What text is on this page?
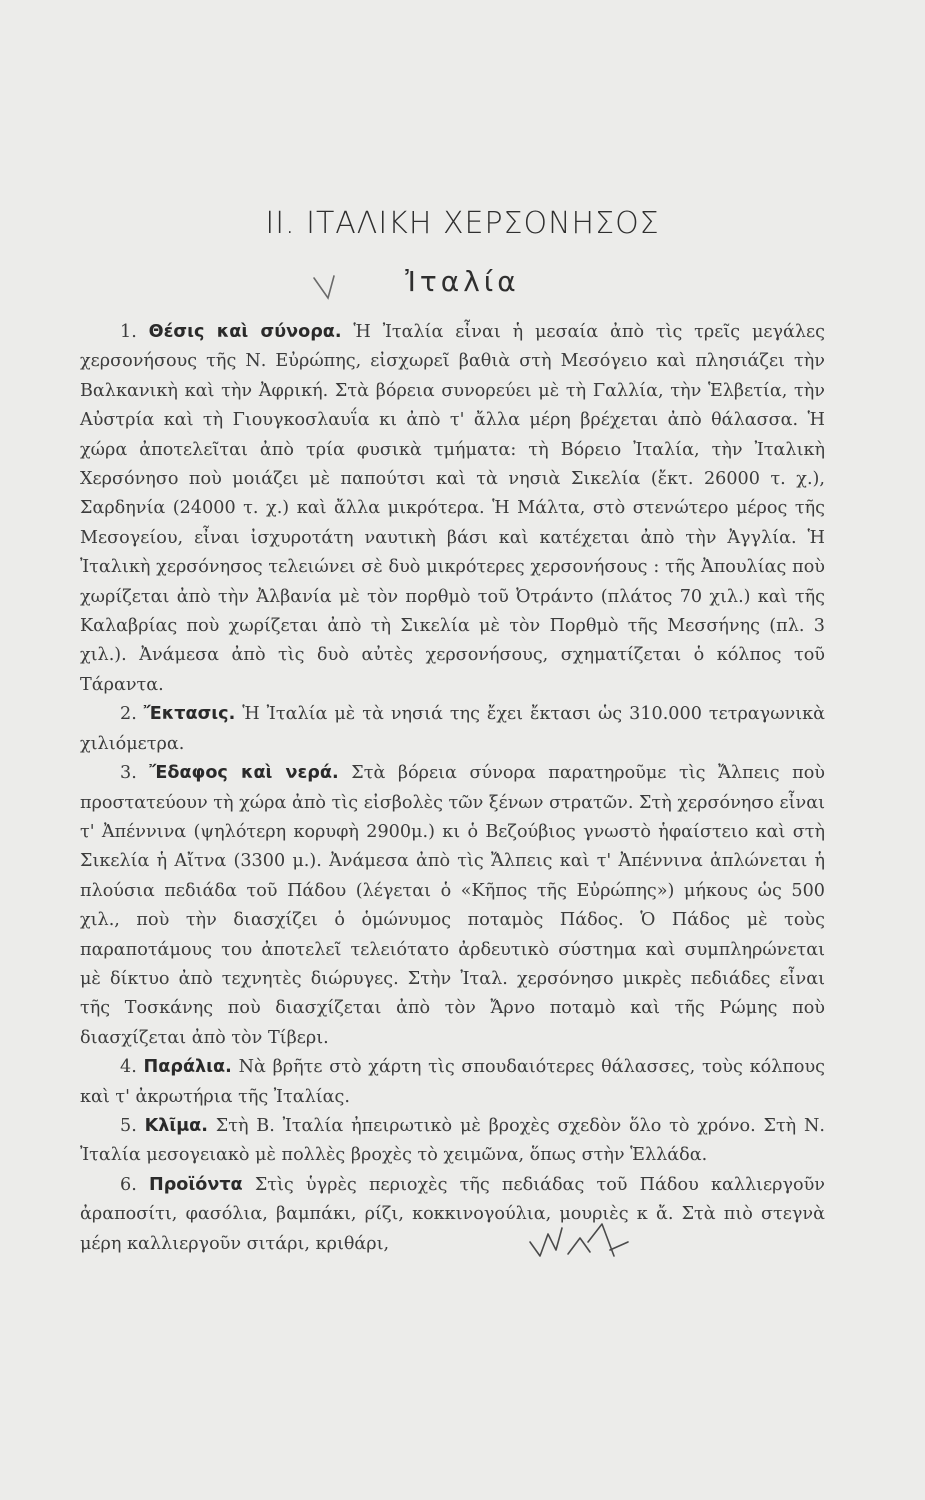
II. ΙΤΑΛΙΚΗ ΧΕΡΣΟΝΗΣΟΣ
Ἰταλία

1. Θέσις καὶ σύνορα. Ἡ Ἰταλία εἶναι ἡ μεσαία ἀπὸ τὶς τρεῖς μεγάλες χερσονήσους τῆς Ν. Εὐρώπης, εἰσχωρεῖ βαθιὰ στὴ Μεσόγειο καὶ πλησιάζει τὴν Βαλκανικὴ καὶ τὴν Ἀφρική. Στὰ βόρεια συνορεύει μὲ τὴ Γαλλία, τὴν Ἑλβετία, τὴν Αὐστρία καὶ τὴ Γιουγκοσλαυΐα κι ἀπὸ τ' ἄλλα μέρη βρέχεται ἀπὸ θάλασσα. Ἡ χώρα ἀποτελεῖται ἀπὸ τρία φυσικὰ τμήματα: τὴ Βόρειο Ἰταλία, τὴν Ἰταλικὴ Χερσόνησο ποὺ μοιάζει μὲ παπούτσι καὶ τὰ νησιὰ Σικελία (ἔκτ. 26000 τ. χ.), Σαρδηνία (24000 τ. χ.) καὶ ἄλλα μικρότερα. Ἡ Μάλτα, στὸ στενώτερο μέρος τῆς Μεσογείου, εἶναι ἰσχυροτάτη ναυτικὴ βάσι καὶ κατέχεται ἀπὸ τὴν Ἀγγλία. Ἡ Ἰταλικὴ χερσόνησος τελειώνει σὲ δυὸ μικρότερες χερσονήσους : τῆς Ἀπουλίας ποὺ χωρίζεται ἀπὸ τὴν Ἀλβανία μὲ τὸν πορθμὸ τοῦ Ὀτράντο (πλάτος 70 χιλ.) καὶ τῆς Καλαβρίας ποὺ χωρίζεται ἀπὸ τὴ Σικελία μὲ τὸν Πορθμὸ τῆς Μεσσήνης (πλ. 3 χιλ.). Ἀνάμεσα ἀπὸ τὶς δυὸ αὐτὲς χερσονήσους, σχηματίζεται ὁ κόλπος τοῦ Τάραντα.

2. Ἔκτασις. Ἡ Ἰταλία μὲ τὰ νησιά της ἔχει ἔκτασι ὡς 310.000 τετραγωνικὰ χιλιόμετρα.

3. Ἔδαφος καὶ νερά. Στὰ βόρεια σύνορα παρατηροῦμε τὶς Ἄλπεις ποὺ προστατεύουν τὴ χώρα ἀπὸ τὶς εἰσβολὲς τῶν ξένων στρατῶν. Στὴ χερσόνησο εἶναι τ' Ἀπέννινα (ψηλότερη κορυφὴ 2900μ.) κι ὁ Βεζούβιος γνωστὸ ἡφαίστειο καὶ στὴ Σικελία ἡ Αἴτνα (3300 μ.). Ἀνάμεσα ἀπὸ τὶς Ἄλπεις καὶ τ' Ἀπέννινα ἁπλώνεται ἡ πλούσια πεδιάδα τοῦ Πάδου (λέγεται ὁ «Κῆπος τῆς Εὐρώπης») μήκους ὡς 500 χιλ., ποὺ τὴν διασχίζει ὁ ὁμώνυμος ποταμὸς Πάδος. Ὁ Πάδος μὲ τοὺς παραποτάμους του ἀποτελεῖ τελειότατο ἀρδευτικὸ σύστημα καὶ συμπληρώνεται μὲ δίκτυο ἀπὸ τεχνητὲς διώρυγες. Στὴν Ἰταλ. χερσόνησο μικρὲς πεδιάδες εἶναι τῆς Τοσκάνης ποὺ διασχίζεται ἀπὸ τὸν Ἄρνο ποταμὸ καὶ τῆς Ρώμης ποὺ διασχίζεται ἀπὸ τὸν Τίβερι.

4. Παράλια. Νὰ βρῆτε στὸ χάρτη τὶς σπουδαιότερες θάλασσες, τοὺς κόλπους καὶ τ' ἀκρωτήρια τῆς Ἰταλίας.

5. Κλῖμα. Στὴ Β. Ἰταλία ἠπειρωτικὸ μὲ βροχὲς σχεδὸν ὅλο τὸ χρόνο. Στὴ Ν. Ἰταλία μεσογειακὸ μὲ πολλὲς βροχὲς τὸ χειμῶνα, ὅπως στὴν Ἑλλάδα.

6. Προϊόντα Στὶς ὑγρὲς περιοχὲς τῆς πεδιάδας τοῦ Πάδου καλλιεργοῦν ἀραποσίτι, φασόλια, βαμπάκι, ρίζι, κοκκινογούλια, μουριὲς κ ἄ. Στὰ πιὸ στεγνὰ μέρη καλλιεργοῦν σιτάρι, κριθάρι,
